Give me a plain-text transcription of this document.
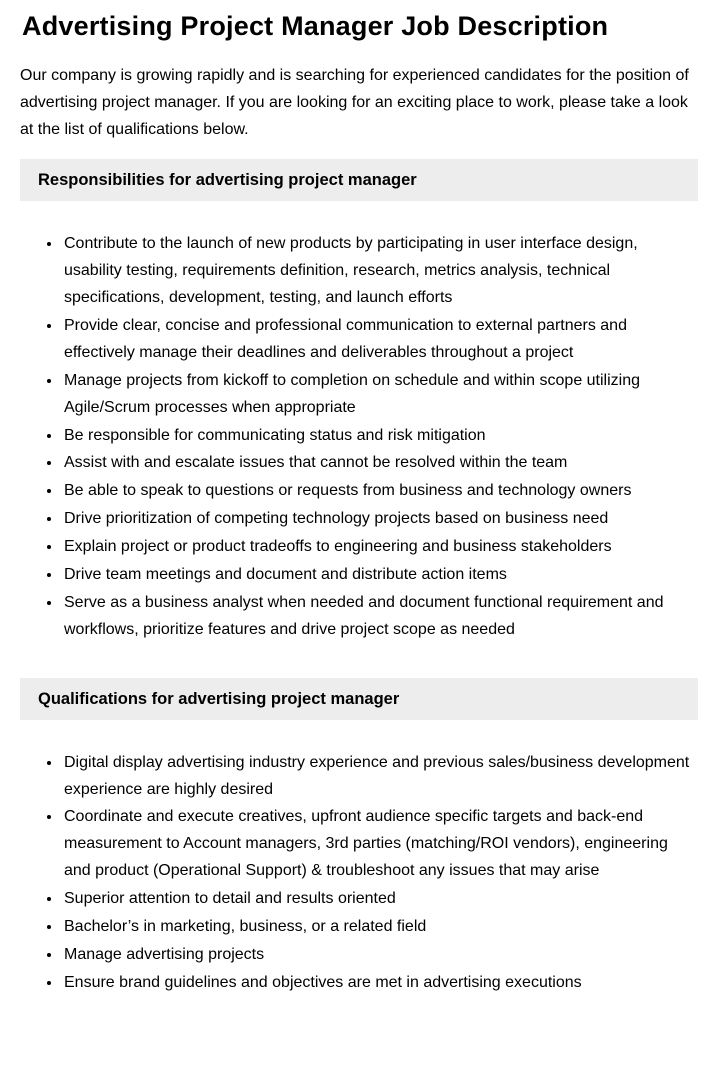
Advertising Project Manager Job Description

Our company is growing rapidly and is searching for experienced candidates for the position of advertising project manager. If you are looking for an exciting place to work, please take a look at the list of qualifications below.

Responsibilities for advertising project manager
• Contribute to the launch of new products by participating in user interface design, usability testing, requirements definition, research, metrics analysis, technical specifications, development, testing, and launch efforts
• Provide clear, concise and professional communication to external partners and effectively manage their deadlines and deliverables throughout a project
• Manage projects from kickoff to completion on schedule and within scope utilizing Agile/Scrum processes when appropriate
• Be responsible for communicating status and risk mitigation
• Assist with and escalate issues that cannot be resolved within the team
• Be able to speak to questions or requests from business and technology owners
• Drive prioritization of competing technology projects based on business need
• Explain project or product tradeoffs to engineering and business stakeholders
• Drive team meetings and document and distribute action items
• Serve as a business analyst when needed and document functional requirement and workflows, prioritize features and drive project scope as needed
Qualifications for advertising project manager
• Digital display advertising industry experience and previous sales/business development experience are highly desired
• Coordinate and execute creatives, upfront audience specific targets and back-end measurement to Account managers, 3rd parties (matching/ROI vendors), engineering and product (Operational Support) & troubleshoot any issues that may arise
• Superior attention to detail and results oriented
• Bachelor’s in marketing, business, or a related field
• Manage advertising projects
• Ensure brand guidelines and objectives are met in advertising executions
